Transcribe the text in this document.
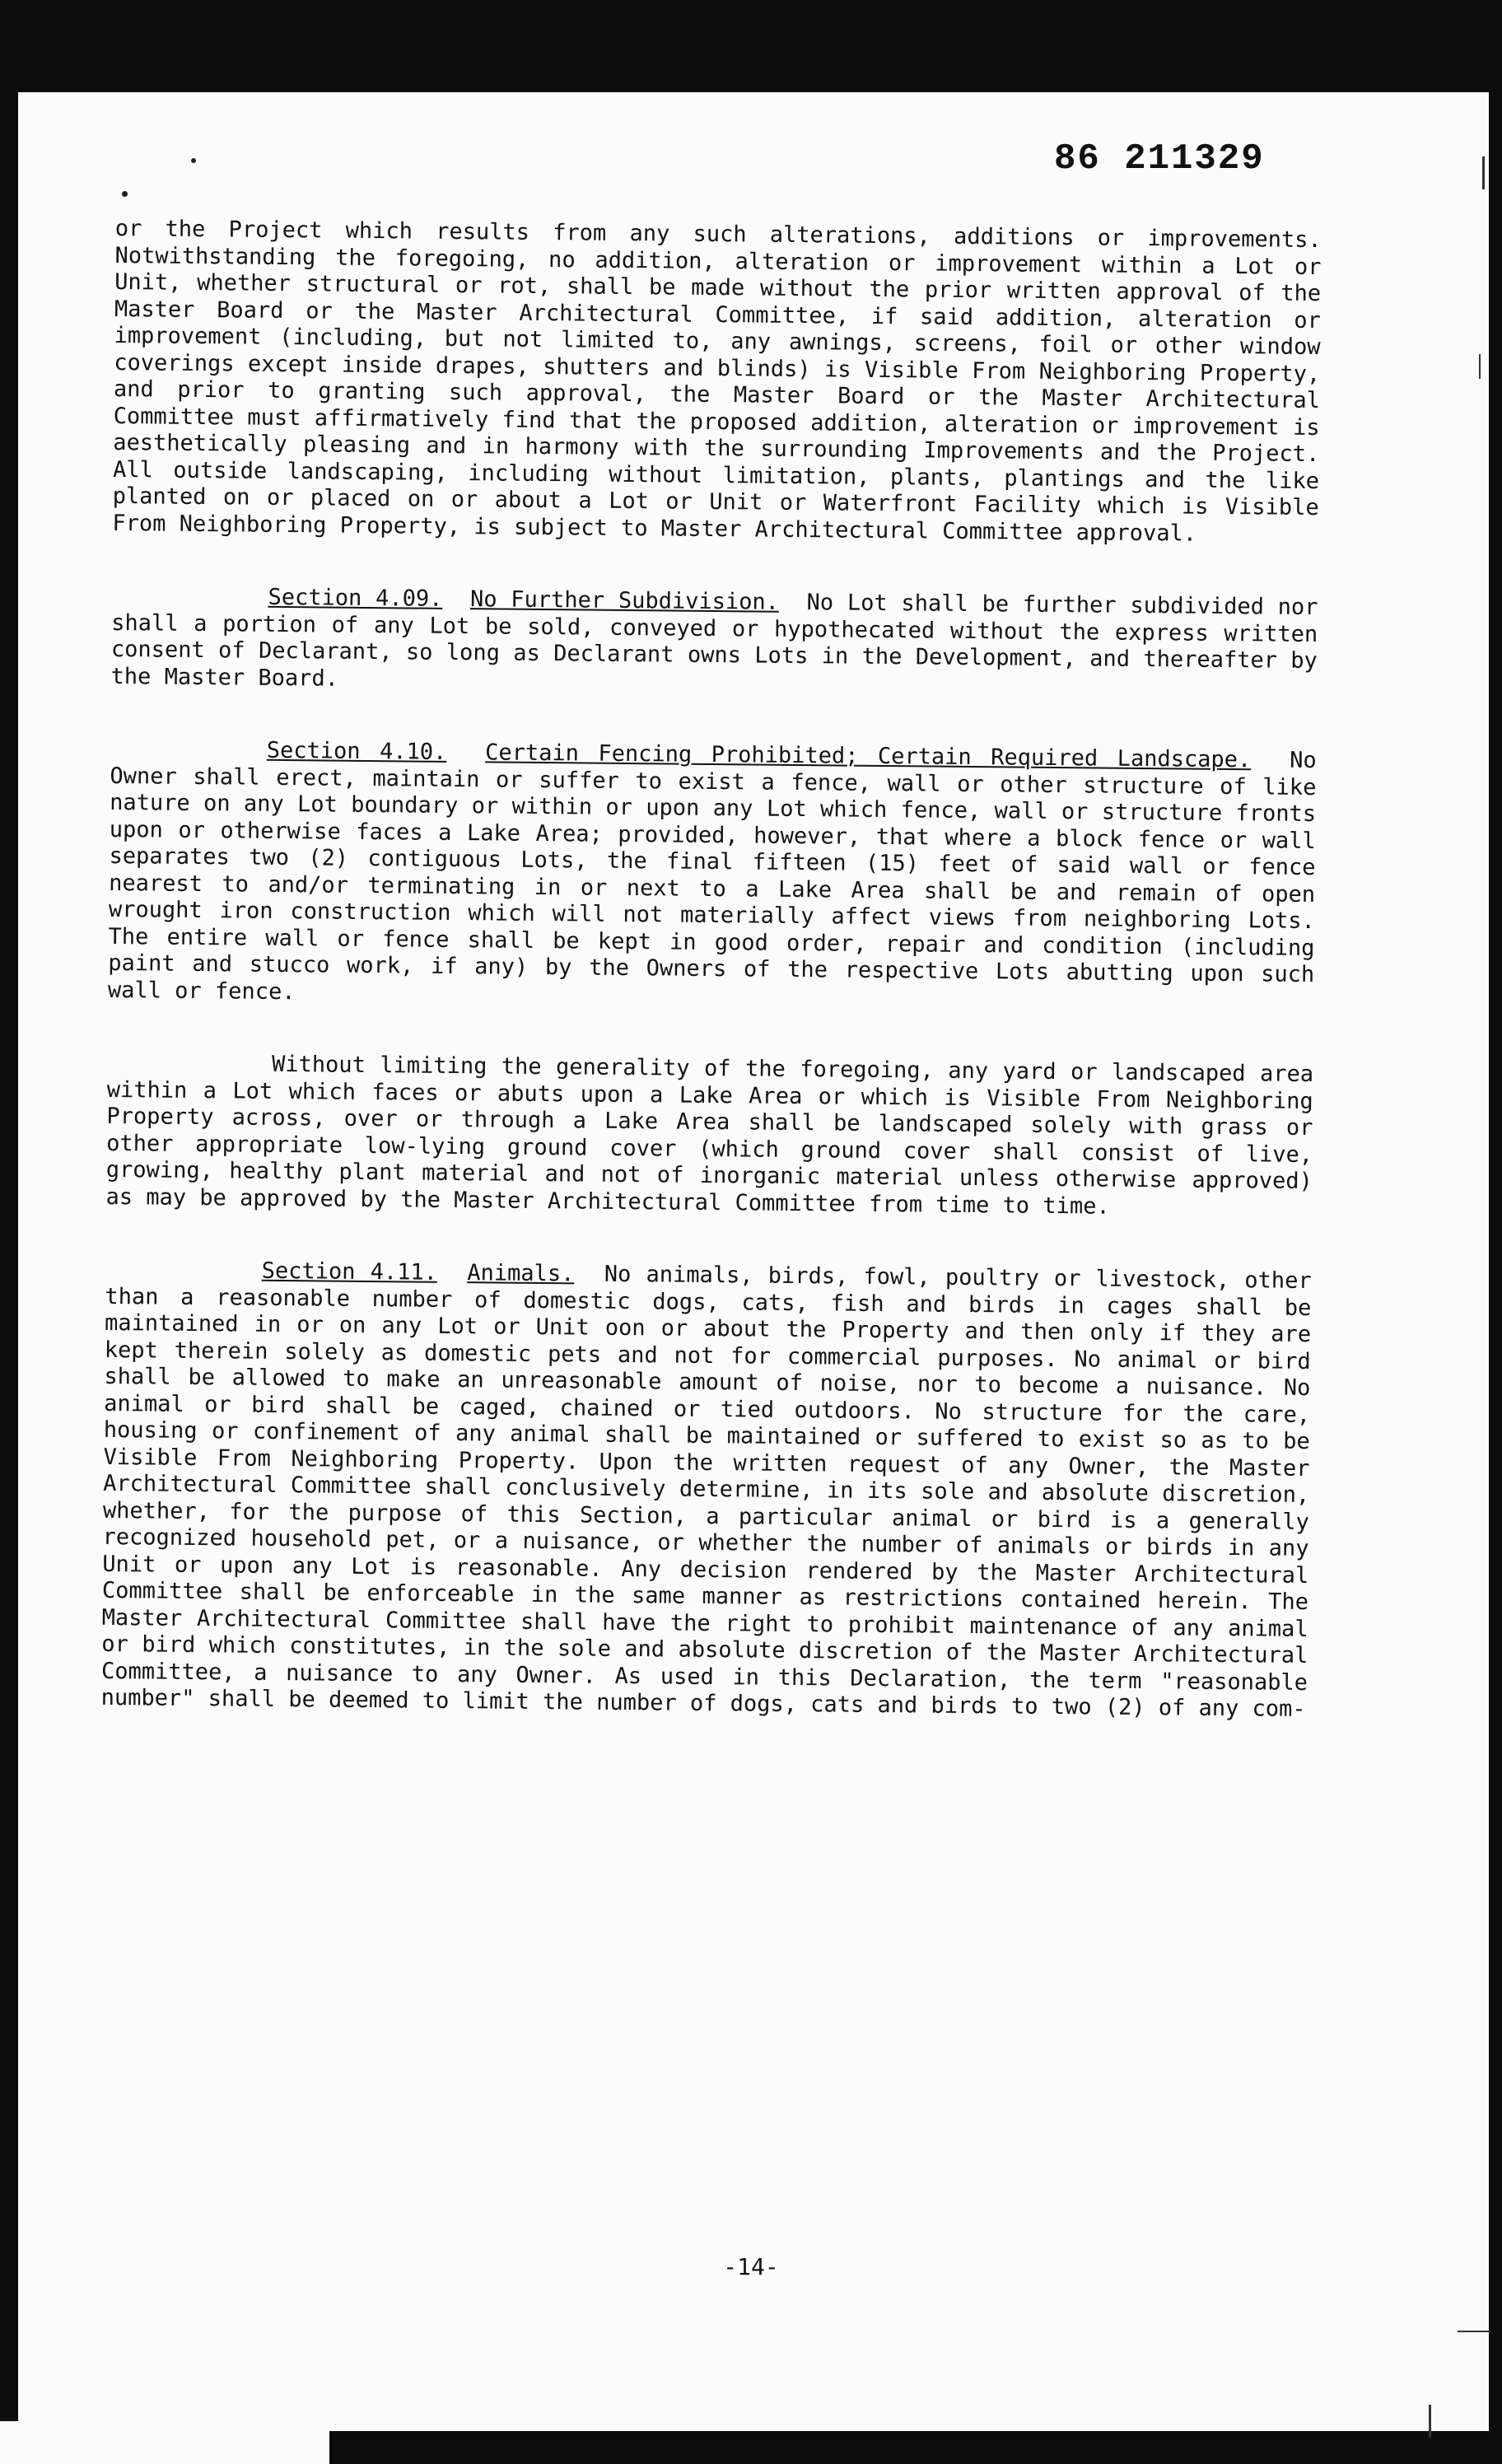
86 211329

or the Project which results from any such alterations, additions or improvements. Notwithstanding the foregoing, no addition, alteration or improvement within a Lot or Unit, whether structural or rot, shall be made without the prior written approval of the Master Board or the Master Architectural Committee, if said addition, alteration or improvement (including, but not limited to, any awnings, screens, foil or other window coverings except inside drapes, shutters and blinds) is Visible From Neighboring Property, and prior to granting such approval, the Master Board or the Master Architectural Committee must affirmatively find that the proposed addition, alteration or improvement is aesthetically pleasing and in harmony with the surrounding Improvements and the Project. All outside landscaping, including without limitation, plants, plantings and the like planted on or placed on or about a Lot or Unit or Waterfront Facility which is Visible From Neighboring Property, is subject to Master Architectural Committee approval.

Section 4.09. No Further Subdivision. No Lot shall be further subdivided nor shall a portion of any Lot be sold, conveyed or hypothecated without the express written consent of Declarant, so long as Declarant owns Lots in the Development, and thereafter by the Master Board.

Section 4.10. Certain Fencing Prohibited; Certain Required Landscape. No Owner shall erect, maintain or suffer to exist a fence, wall or other structure of like nature on any Lot boundary or within or upon any Lot which fence, wall or structure fronts upon or otherwise faces a Lake Area; provided, however, that where a block fence or wall separates two (2) contiguous Lots, the final fifteen (15) feet of said wall or fence nearest to and/or terminating in or next to a Lake Area shall be and remain of open wrought iron construction which will not materially affect views from neighboring Lots. The entire wall or fence shall be kept in good order, repair and condition (including paint and stucco work, if any) by the Owners of the respective Lots abutting upon such wall or fence.

Without limiting the generality of the foregoing, any yard or landscaped area within a Lot which faces or abuts upon a Lake Area or which is Visible From Neighboring Property across, over or through a Lake Area shall be landscaped solely with grass or other appropriate low-lying ground cover (which ground cover shall consist of live, growing, healthy plant material and not of inorganic material unless otherwise approved) as may be approved by the Master Architectural Committee from time to time.

Section 4.11. Animals. No animals, birds, fowl, poultry or livestock, other than a reasonable number of domestic dogs, cats, fish and birds in cages shall be maintained in or on any Lot or Unit oon or about the Property and then only if they are kept therein solely as domestic pets and not for commercial purposes. No animal or bird shall be allowed to make an unreasonable amount of noise, nor to become a nuisance. No animal or bird shall be caged, chained or tied outdoors. No structure for the care, housing or confinement of any animal shall be maintained or suffered to exist so as to be Visible From Neighboring Property. Upon the written request of any Owner, the Master Architectural Committee shall conclusively determine, in its sole and absolute discretion, whether, for the purpose of this Section, a particular animal or bird is a generally recognized household pet, or a nuisance, or whether the number of animals or birds in any Unit or upon any Lot is reasonable. Any decision rendered by the Master Architectural Committee shall be enforceable in the same manner as restrictions contained herein. The Master Architectural Committee shall have the right to prohibit maintenance of any animal or bird which constitutes, in the sole and absolute discretion of the Master Architectural Committee, a nuisance to any Owner. As used in this Declaration, the term "reasonable number" shall be deemed to limit the number of dogs, cats and birds to two (2) of any com-

-14-
